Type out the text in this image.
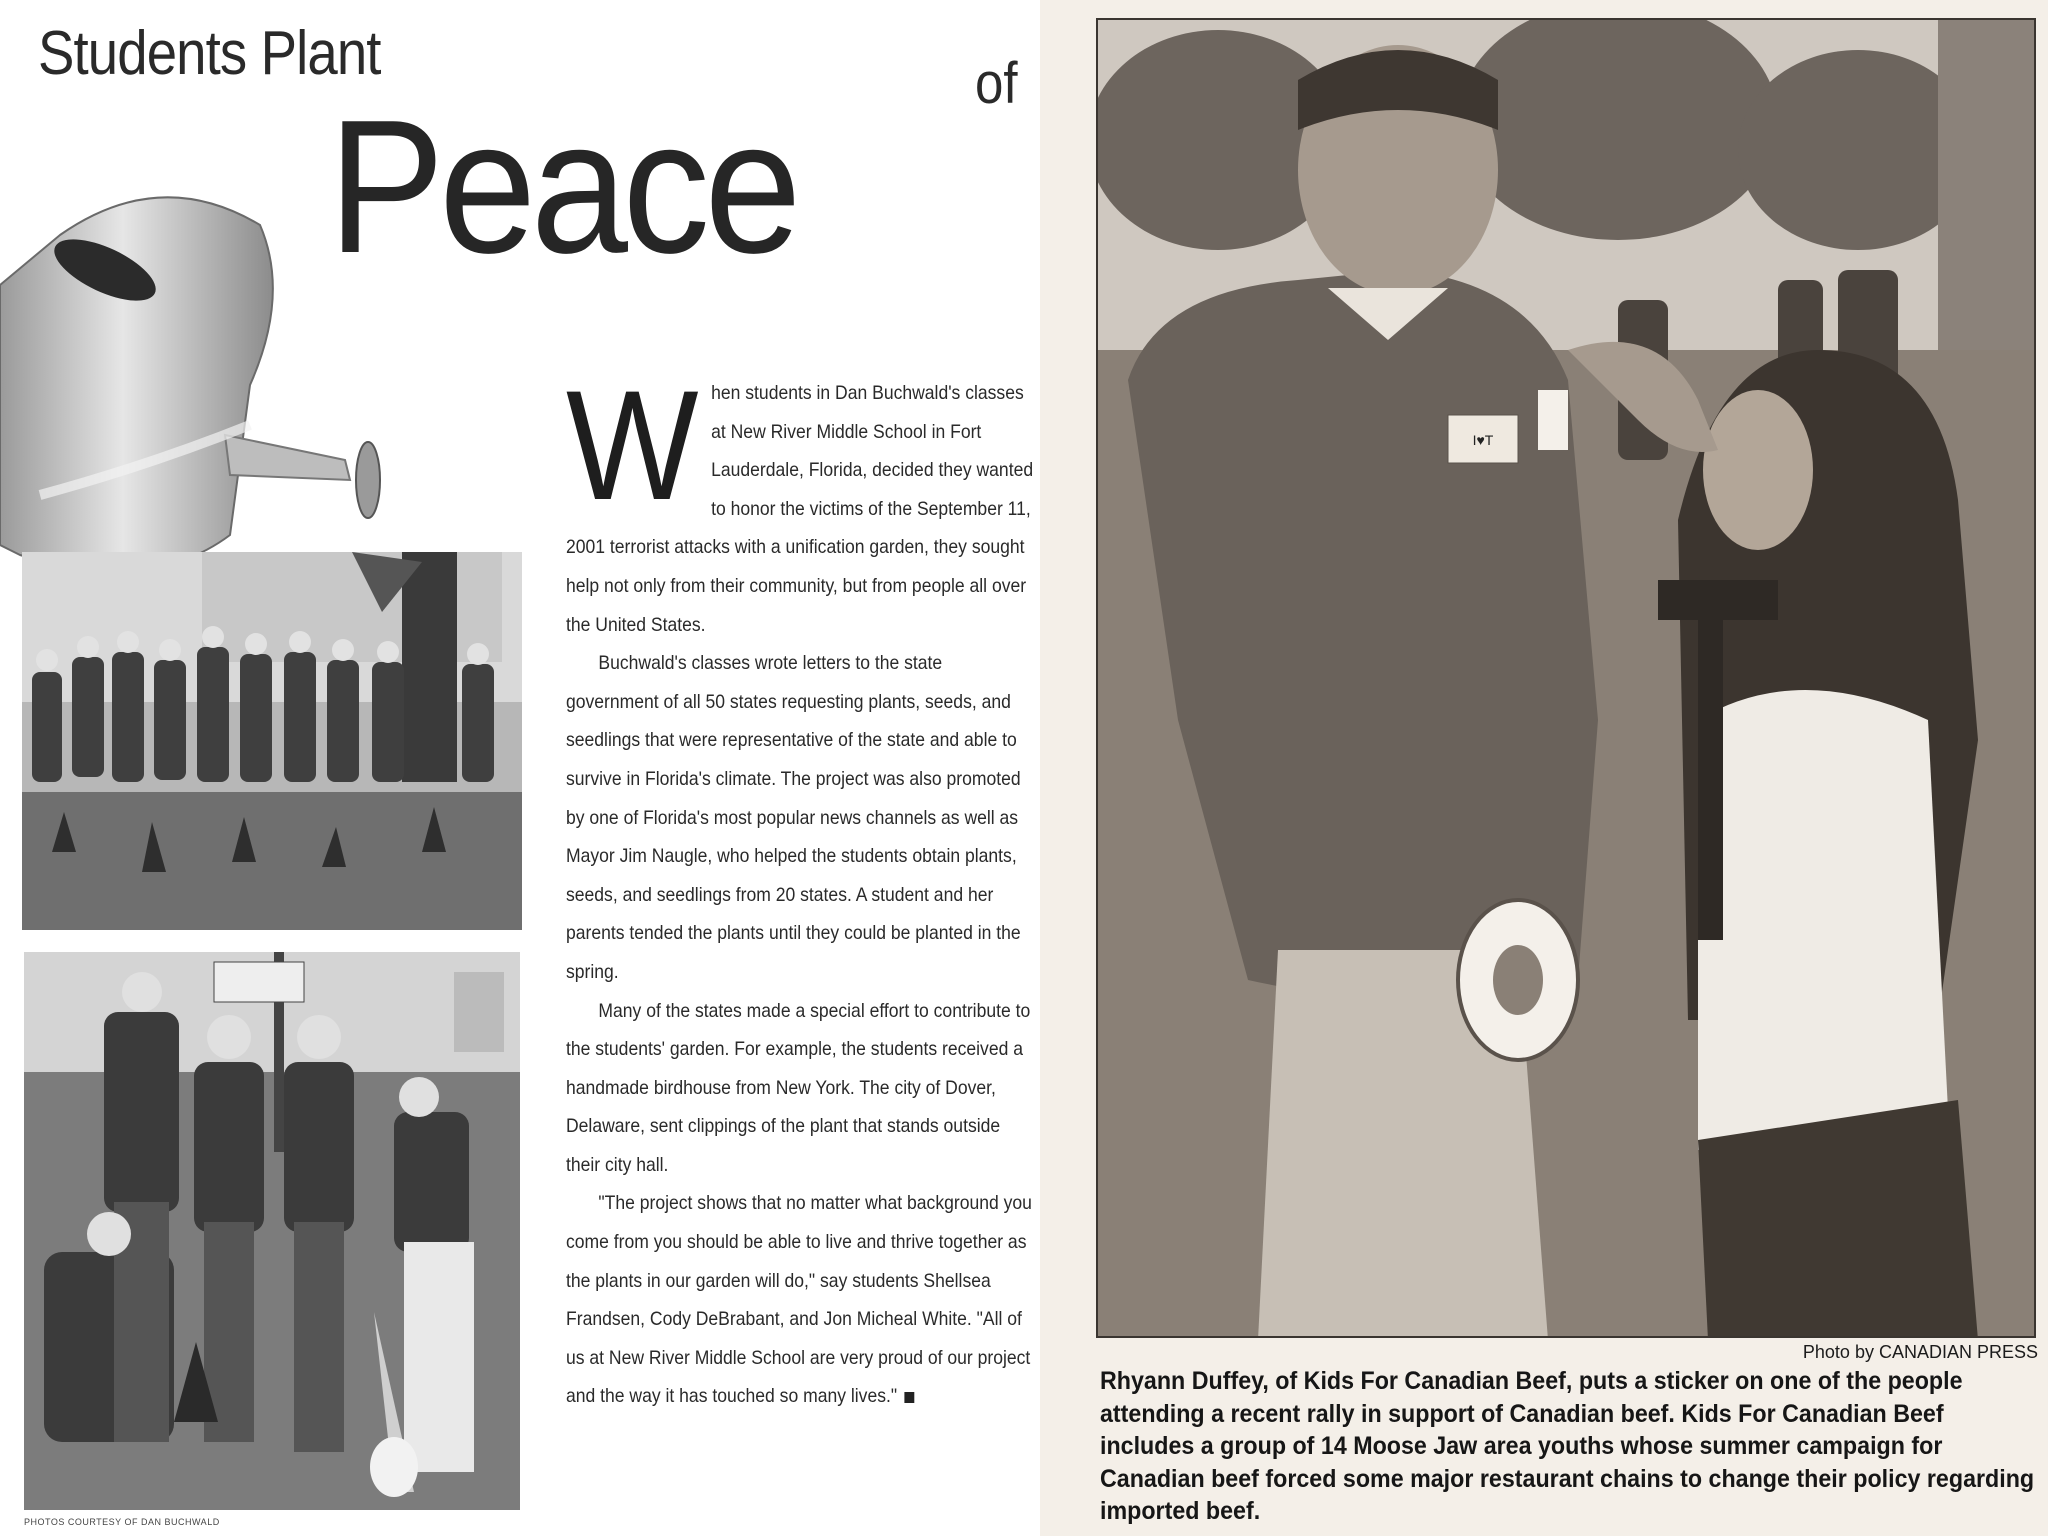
Students Plant	of
Peace
PHOTOS COURTESY OF DAN BUCHWALD
W hen students in Dan Buchwald's classes at New River Middle School in Fort Lauderdale, Florida, decided they wanted to honor the victims of the September 11, 2001 terrorist attacks with a unification garden, they sought help not only from their community, but from people all over the United States.
Buchwald's classes wrote letters to the state government of all 50 states requesting plants, seeds, and seedlings that were representative of the state and able to survive in Florida's climate. The project was also promoted by one of Florida's most popular news channels as well as Mayor Jim Naugle, who helped the students obtain plants, seeds, and seedlings from 20 states. A student and her parents tended the plants until they could be planted in the spring.
Many of the states made a special effort to contribute to the students' garden. For example, the students received a handmade birdhouse from New York. The city of Dover, Delaware, sent clippings of the plant that stands outside their city hall.
"The project shows that no matter what background you come from you should be able to live and thrive together as the plants in our garden will do," say students Shellsea Frandsen, Cody DeBrabant, and Jon Micheal White. "All of us at New River Middle School are very proud of our project and the way it has touched so many lives."
I♥T
Photo by CANADIAN PRESS
Rhyann Duffey, of Kids For Canadian Beef, puts a sticker on one of the people attending a recent rally in support of Canadian beef. Kids For Canadian Beef includes a group of 14 Moose Jaw area youths whose summer campaign for Canadian beef forced some major restaurant chains to change their policy regarding imported beef.
